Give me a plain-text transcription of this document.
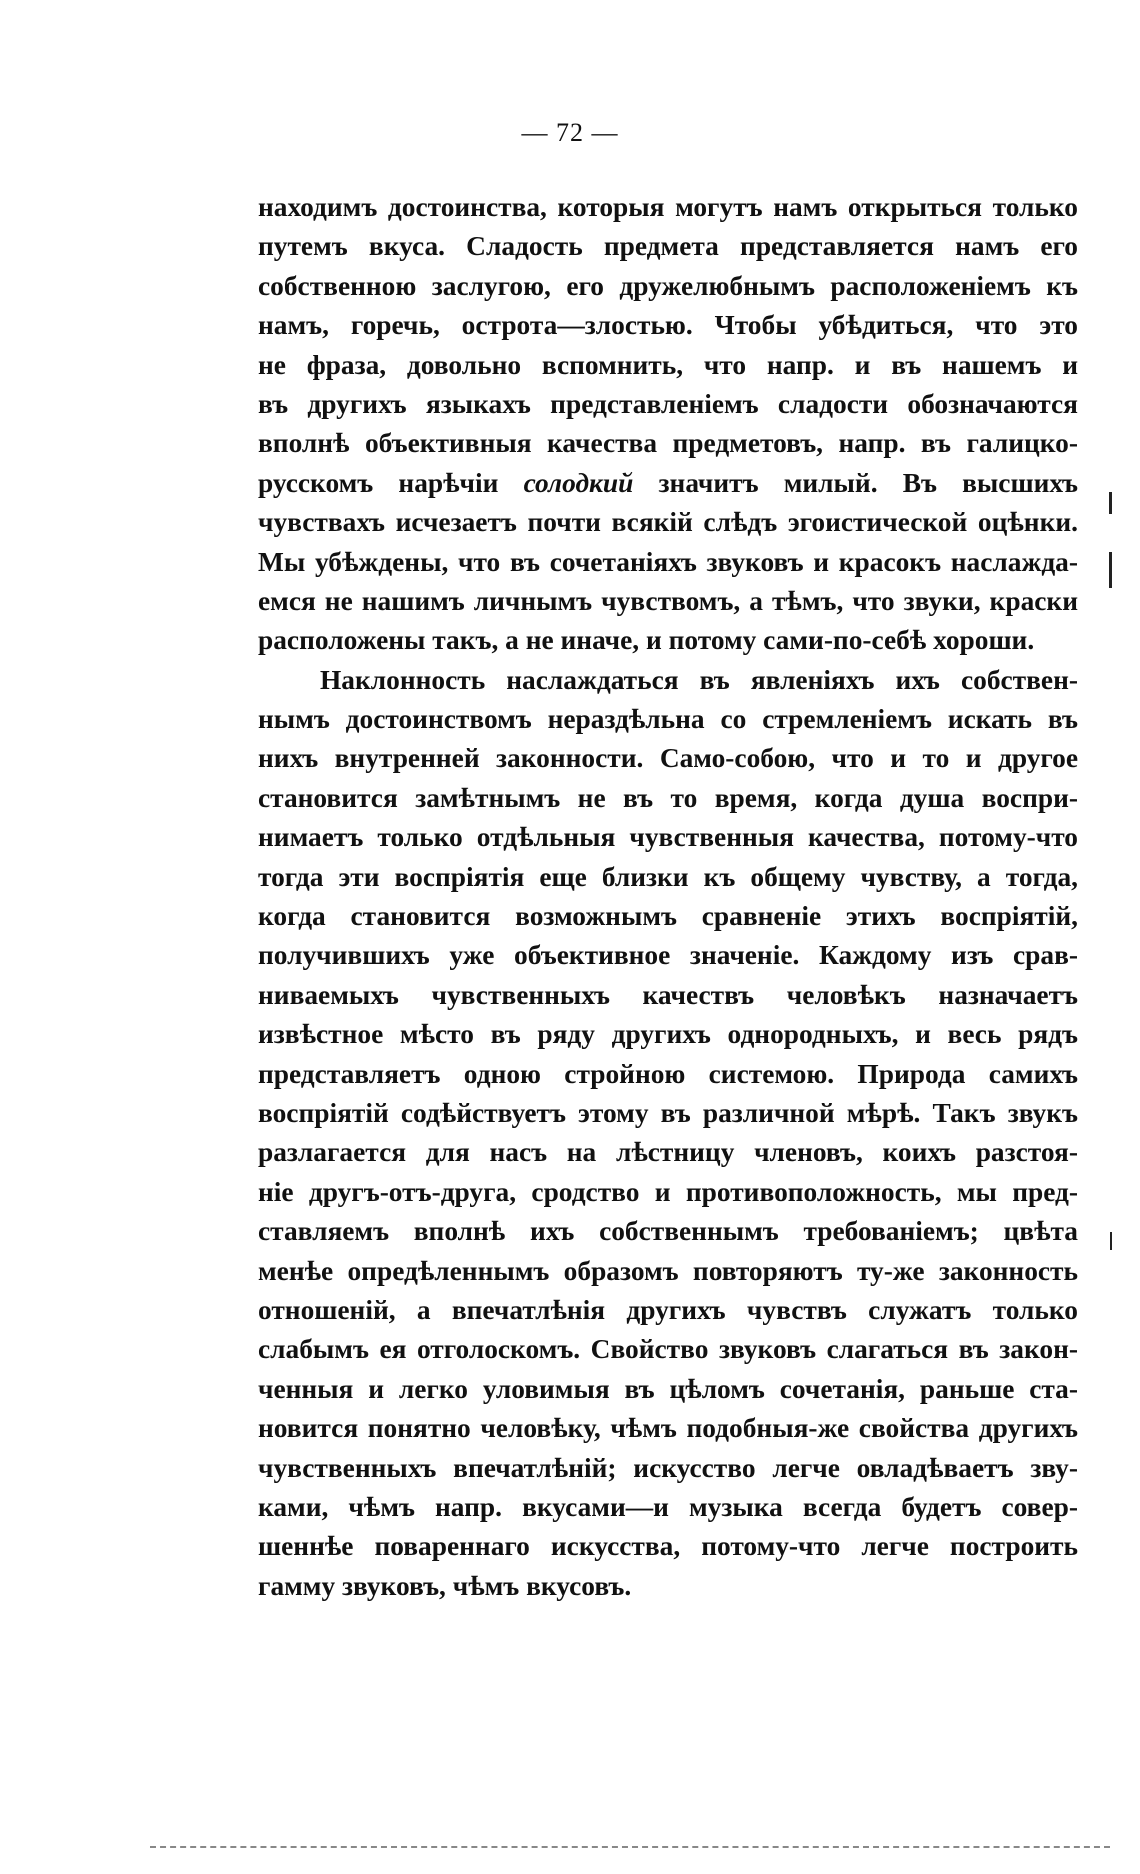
— 72 —
находимъ достоинства, которыя могутъ намъ открыться только
путемъ вкуса. Сладость предмета представляется намъ его
собственною заслугою, его дружелюбнымъ расположенiемъ къ
намъ, горечь, острота—злостью. Чтобы убѣдиться, что это
не фраза, довольно вспомнить, что напр. и въ нашемъ и
въ другихъ языкахъ представленiемъ сладости обозначаются
вполнѣ объективныя качества предметовъ, напр. въ галицко-
русскомъ нарѣчiи солодкий значитъ милый. Въ высшихъ
чувствахъ исчезаетъ почти всякiй слѣдъ эгоистической оцѣнки.
Мы убѣждены, что въ сочетанiяхъ звуковъ и красокъ наслажда-
емся не нашимъ личнымъ чувствомъ, а тѣмъ, что звуки, краски
расположены такъ, а не иначе, и потому сами-по-себѣ хороши.
Наклонность наслаждаться въ явленiяхъ ихъ собствен-
нымъ достоинствомъ нераздѣльна со стремленiемъ искать въ
нихъ внутренней законности. Само-собою, что и то и другое
становится замѣтнымъ не въ то время, когда душа воспри-
нимаетъ только отдѣльныя чувственныя качества, потому-что
тогда эти воспрiятiя еще близки къ общему чувству, а тогда,
когда становится возможнымъ сравненiе этихъ воспрiятiй,
получившихъ уже объективное значенiе. Каждому изъ срав-
ниваемыхъ чувственныхъ качествъ человѣкъ назначаетъ
извѣстное мѣсто въ ряду другихъ однородныхъ, и весь рядъ
представляетъ одною стройною системою. Природа самихъ
воспрiятiй содѣйствуетъ этому въ различной мѣрѣ. Такъ звукъ
разлагается для насъ на лѣстницу членовъ, коихъ разстоя-
нiе другъ-отъ-друга, сродство и противоположность, мы пред-
ставляемъ вполнѣ ихъ собственнымъ требованiемъ; цвѣта
менѣе опредѣленнымъ образомъ повторяютъ ту-же законность
отношенiй, а впечатлѣнiя другихъ чувствъ служатъ только
слабымъ ея отголоскомъ. Свойство звуковъ слагаться въ закон-
ченныя и легко уловимыя въ цѣломъ сочетанiя, раньше ста-
новится понятно человѣку, чѣмъ подобныя-же свойства другихъ
чувственныхъ впечатлѣнiй; искусство легче овладѣваетъ зву-
ками, чѣмъ напр. вкусами—и музыка всегда будетъ совер-
шеннѣе повареннаго искусства, потому-что легче построить
гамму звуковъ, чѣмъ вкусовъ.
